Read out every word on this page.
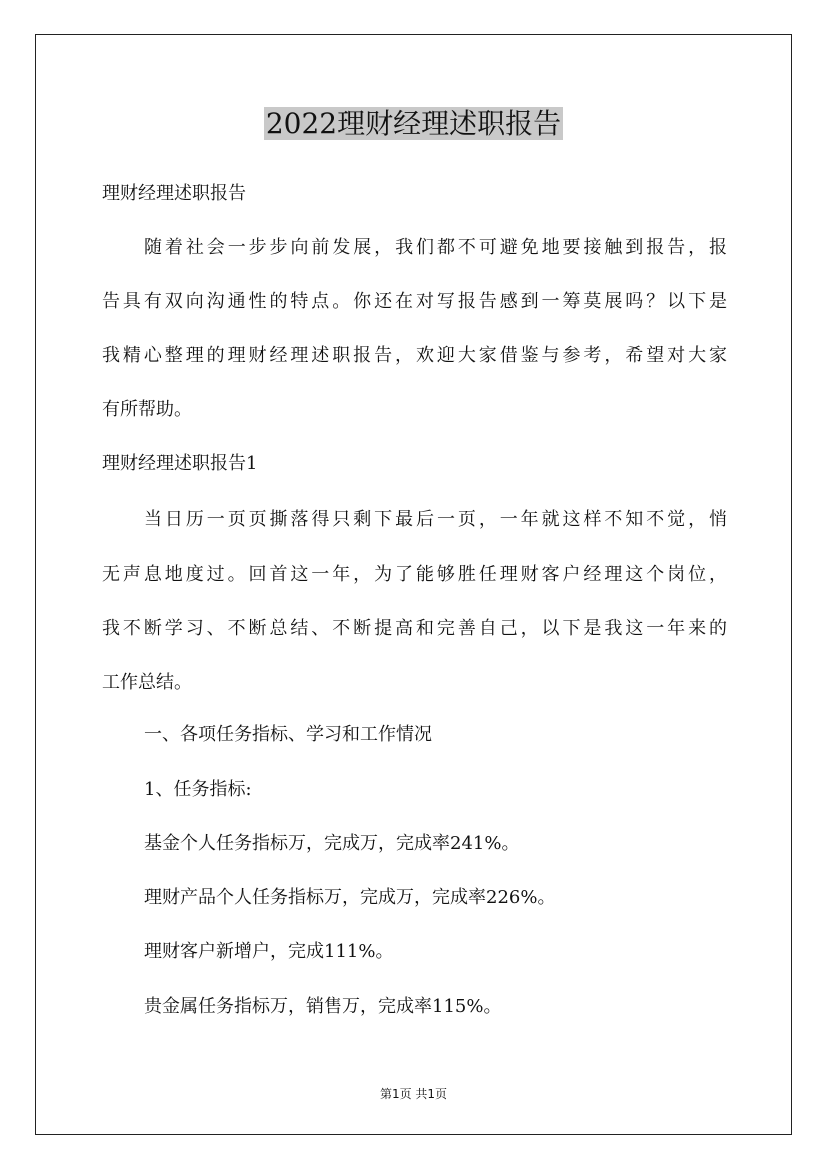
2022理财经理述职报告
理财经理述职报告
随着社会一步步向前发展，我们都不可避免地要接触到报告，报
告具有双向沟通性的特点。你还在对写报告感到一筹莫展吗？以下是
我精心整理的理财经理述职报告，欢迎大家借鉴与参考，希望对大家
有所帮助。
理财经理述职报告1
当日历一页页撕落得只剩下最后一页，一年就这样不知不觉，悄
无声息地度过。回首这一年，为了能够胜任理财客户经理这个岗位，
我不断学习、不断总结、不断提高和完善自己，以下是我这一年来的
工作总结。
一、各项任务指标、学习和工作情况
1、任务指标:
基金个人任务指标万，完成万，完成率241%。
理财产品个人任务指标万，完成万，完成率226%。
理财客户新增户，完成111%。
贵金属任务指标万，销售万，完成率115%。
第1页 共1页
